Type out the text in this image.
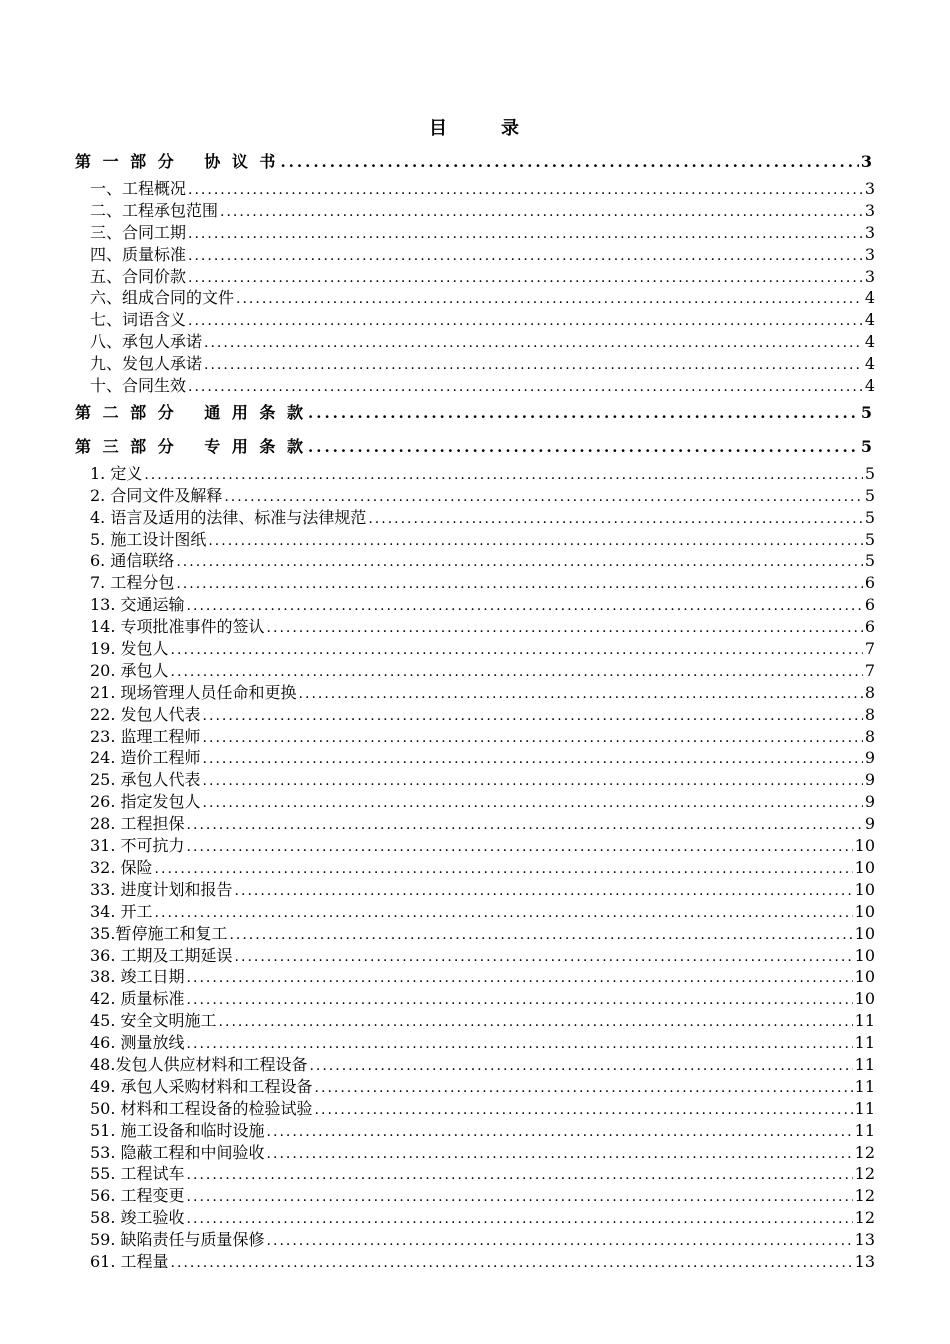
目	录
第 一 部 分　 协 议 书 .....	3
一、工程概况 .....	3
二、工程承包范围 .....	3
三、合同工期 .....	3
四、质量标准 .....	3
五、合同价款 .....	3
六、组成合同的文件 .....	4
七、词语含义 .....	4
八、承包人承诺 .....	4
九、发包人承诺 .....	4
十、合同生效 .....	4
第 二 部 分　 通 用 条 款 .....	5
第 三 部 分　 专 用 条 款 .....	5
1. 定义 .....	5
2. 合同文件及解释 .....	5
4. 语言及适用的法律、标准与法律规范 .....	5
5. 施工设计图纸 .....	5
6. 通信联络 .....	5
7. 工程分包 .....	6
13. 交通运输 .....	6
14. 专项批准事件的签认 .....	6
19. 发包人 .....	7
20. 承包人 .....	7
21. 现场管理人员任命和更换 .....	8
22. 发包人代表 .....	8
23. 监理工程师 .....	8
24. 造价工程师 .....	9
25. 承包人代表 .....	9
26. 指定发包人 .....	9
28. 工程担保 .....	9
31. 不可抗力 .....	10
32. 保险 .....	10
33. 进度计划和报告 .....	10
34. 开工 .....	10
35.暂停施工和复工 .....	10
36. 工期及工期延误 .....	10
38. 竣工日期 .....	10
42. 质量标准 .....	10
45. 安全文明施工 .....	11
46. 测量放线 .....	11
48.发包人供应材料和工程设备 .....	11
49. 承包人采购材料和工程设备 .....	11
50. 材料和工程设备的检验试验 .....	11
51. 施工设备和临时设施 .....	11
53. 隐蔽工程和中间验收 .....	12
55. 工程试车 .....	12
56. 工程变更 .....	12
58. 竣工验收 .....	12
59. 缺陷责任与质量保修 .....	13
61. 工程量 .....	13
